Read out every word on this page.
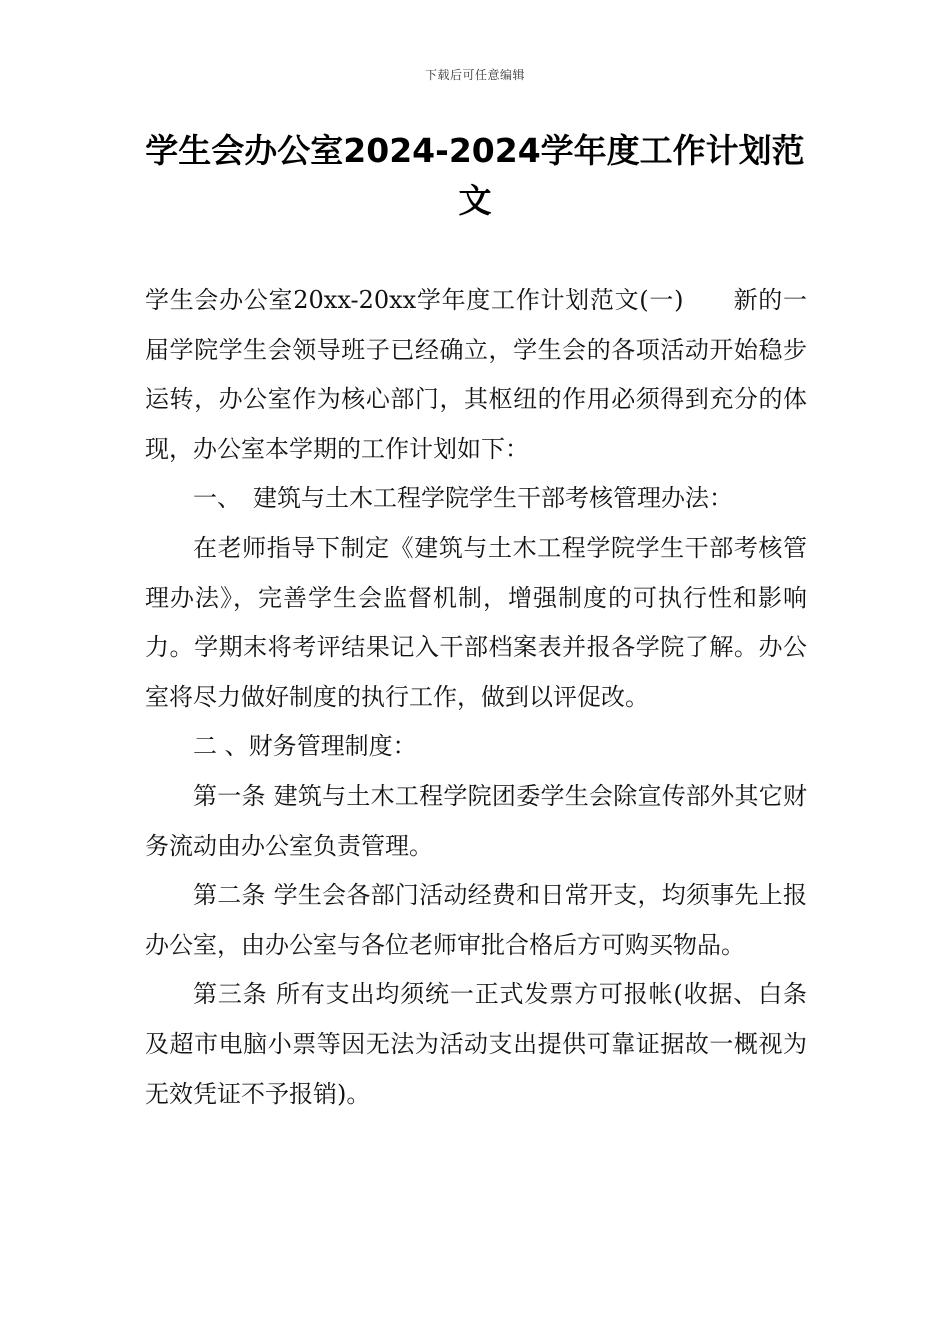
下载后可任意编辑
学生会办公室2024-2024学年度工作计划范文

学生会办公室20xx-20xx学年度工作计划范文(一)　　新的一届学院学生会领导班子已经确立，学生会的各项活动开始稳步运转，办公室作为核心部门，其枢纽的作用必须得到充分的体现，办公室本学期的工作计划如下：

一、　建筑与土木工程学院学生干部考核管理办法：

在老师指导下制定《建筑与土木工程学院学生干部考核管理办法》，完善学生会监督机制，增强制度的可执行性和影响力。学期末将考评结果记入干部档案表并报各学院了解。办公室将尽力做好制度的执行工作，做到以评促改。

二 、财务管理制度：

第一条 建筑与土木工程学院团委学生会除宣传部外其它财务流动由办公室负责管理。

第二条 学生会各部门活动经费和日常开支，均须事先上报办公室，由办公室与各位老师审批合格后方可购买物品。

第三条 所有支出均须统一正式发票方可报帐(收据、白条及超市电脑小票等因无法为活动支出提供可靠证据故一概视为无效凭证不予报销)。
